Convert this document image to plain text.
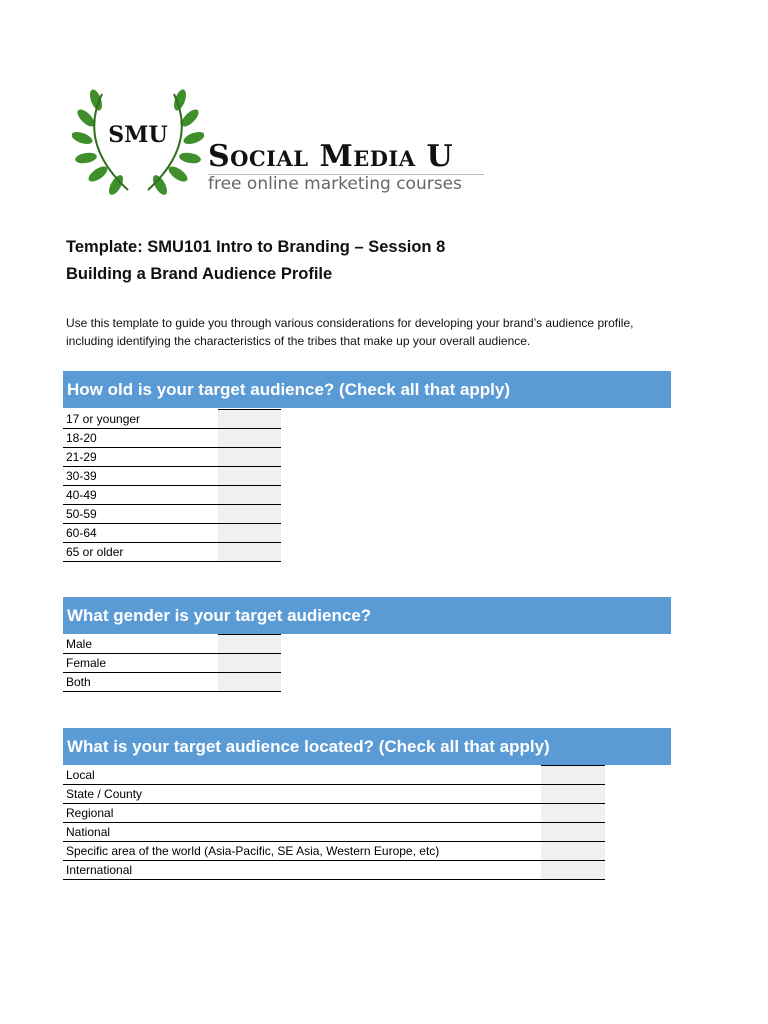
SMU
Social Media U
free online marketing courses
Template: SMU101 Intro to Branding – Session 8
Building a Brand Audience Profile
Use this template to guide you through various considerations for developing your brand’s audience profile,
including identifying the characteristics of the tribes that make up your overall audience.
How old is your target audience? (Check all that apply)
17 or younger	
18-20	
21-29	
30-39	
40-49	
50-59	
60-64	
65 or older	
What gender is your target audience?
Male	
Female	
Both	
What is your target audience located? (Check all that apply)
Local	
State / County	
Regional	
National	
Specific area of the world (Asia-Pacific, SE Asia, Western Europe, etc)	
International	
